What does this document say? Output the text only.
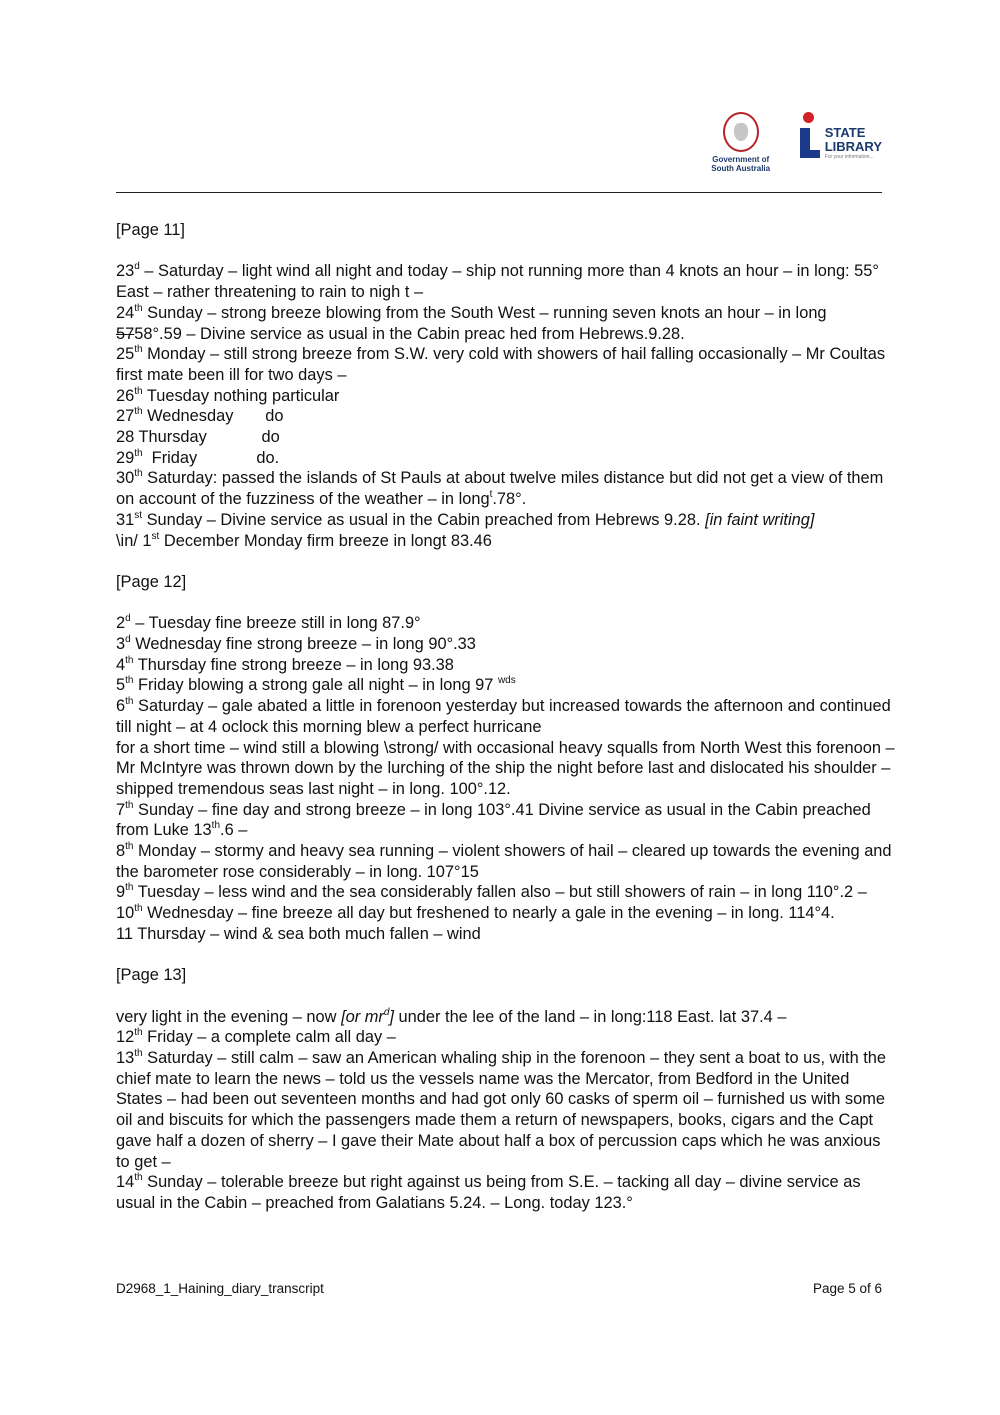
Government of South Australia
STATE
LIBRARY
For your information...

[Page 11]

23$^d$ – Saturday – light wind all night and today – ship not running more than 4 knots an hour – in long: 55° East – rather threatening to rain to nigh t –

24th Sunday – strong breeze blowing from the South West – running seven knots an hour – in long 5758°.59 – Divine service as usual in the Cabin preac hed from Hebrews.9.28.

25th Monday – still strong breeze from S.W. very cold with showers of hail falling occasionally – Mr Coultas first mate been ill for two days –

26th Tuesday nothing particular

27th Wednesday       do

28 Thursday            do

29th  Friday             do.

30th Saturday: passed the islands of St Pauls at about twelve miles distance but did not get a view of them on account of the fuzziness of the weather – in long$^t$.78°.

31st Sunday – Divine service as usual in the Cabin preached from Hebrews 9.28. [in faint writing]

\in/ 1st December Monday firm breeze in longt 83.46

[Page 12]

2$^d$ – Tuesday fine breeze still in long 87.9°

3$^d$ Wednesday fine strong breeze – in long 90°.33

4th Thursday fine strong breeze – in long 93.38

5th Friday blowing a strong gale all night – in long 97 $^{wds}$

6th Saturday – gale abated a little in forenoon yesterday but increased towards the afternoon and continued till night – at 4 oclock this morning blew a perfect hurricane

for a short time – wind still a blowing \strong/ with occasional heavy squalls from North West this forenoon – Mr McIntyre was thrown down by the lurching of the ship the night before last and dislocated his shoulder – shipped tremendous seas last night – in long. 100°.12.

7th Sunday – fine day and strong breeze – in long 103°.41 Divine service as usual in the Cabin preached from Luke 13th.6 –

8th Monday – stormy and heavy sea running – violent showers of hail – cleared up towards the evening and the barometer rose considerably – in long. 107°15

9th Tuesday – less wind and the sea considerably fallen also – but still showers of rain – in long 110°.2 –

10th Wednesday – fine breeze all day but freshened to nearly a gale in the evening – in long. 114°4.

11 Thursday – wind & sea both much fallen – wind

[Page 13]

very light in the evening – now [or $mr^d$] under the lee of the land – in long:118 East. lat 37.4 –

12th Friday – a complete calm all day –

13th Saturday – still calm – saw an American whaling ship in the forenoon – they sent a boat to us, with the chief mate to learn the news – told us the vessels name was the Mercator, from Bedford in the United States – had been out seventeen months and had got only 60 casks of sperm oil – furnished us with some oil and biscuits for which the passengers made them a return of newspapers, books, cigars and the Capt gave half a dozen of sherry – I gave their Mate about half a box of percussion caps which he was anxious to get –

14th Sunday – tolerable breeze but right against us being from S.E. – tacking all day – divine service as usual in the Cabin – preached from Galatians 5.24. – Long. today 123.°

D2968_1_Haining_diary_transcript	Page 5 of 6
